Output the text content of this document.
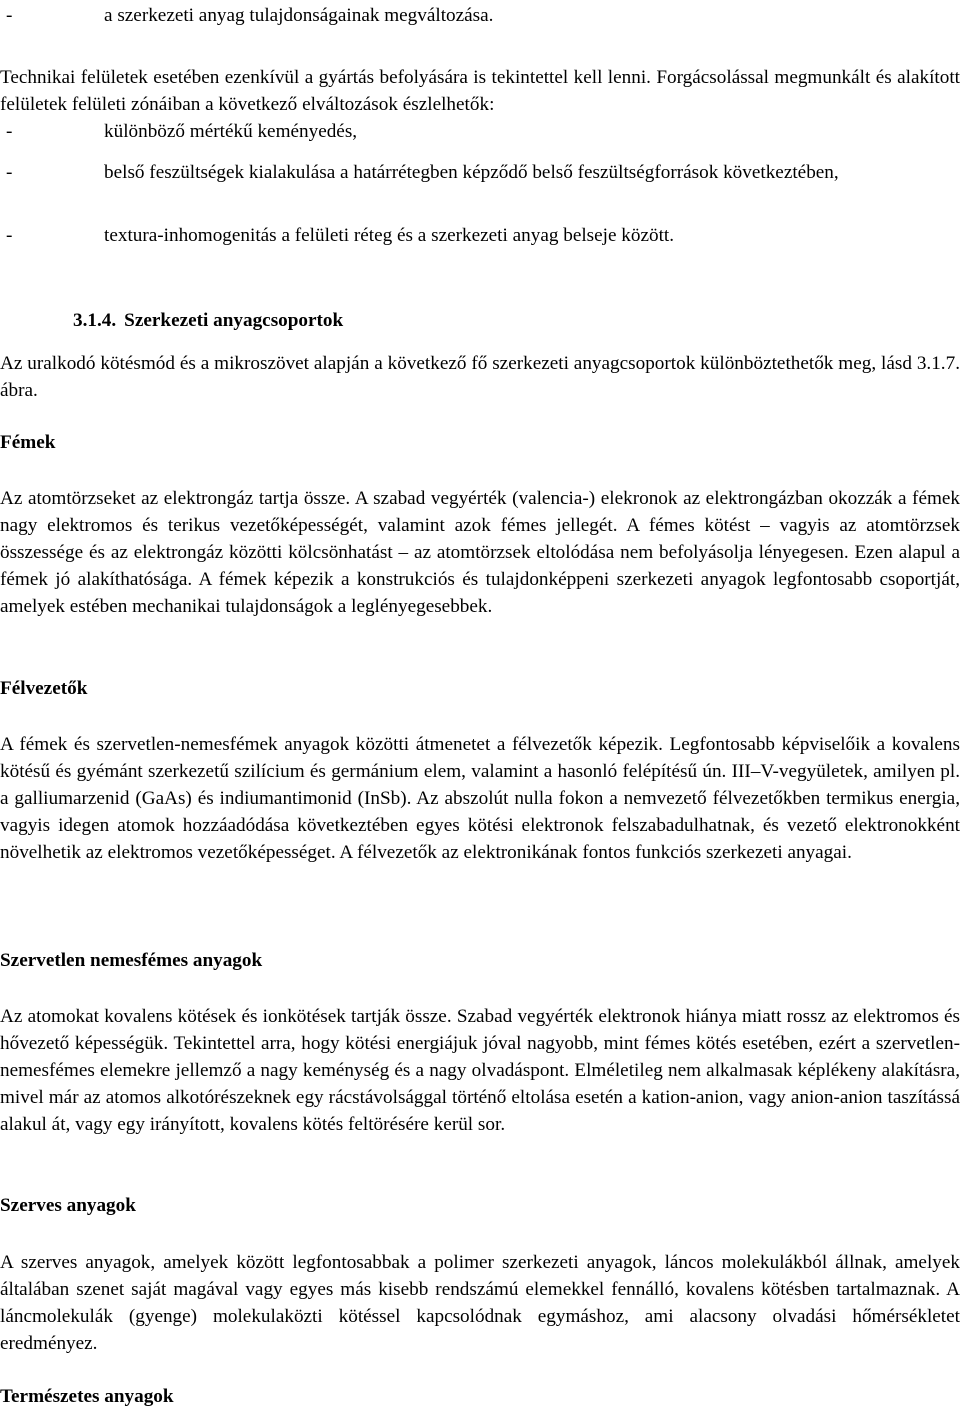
-	a szerkezeti anyag tulajdonságainak megváltozása.

Technikai felületek esetében ezenkívül a gyártás befolyására is tekintettel kell lenni. Forgácsolással megmunkált és alakított felületek felületi zónáiban a következő elváltozások észlelhetők:

-	különböző mértékű keményedés,
-	belső feszültségek kialakulása a határrétegben képződő belső feszültségforrások következtében,
-	textura-inhomogenitás a felületi réteg és a szerkezeti anyag belseje között.
3.1.4. Szerkezeti anyagcsoportok

Az uralkodó kötésmód és a mikroszövet alapján a következő fő szerkezeti anyagcsoportok különböztethetők meg, lásd 3.1.7. ábra.

Fémek

Az atomtörzseket az elektrongáz tartja össze. A szabad vegyérték (valencia-) elekronok az elektrongázban okozzák a fémek nagy elektromos és terikus vezetőképességét, valamint azok fémes jellegét. A fémes kötést – vagyis az atomtörzsek összessége és az elektrongáz közötti kölcsönhatást – az atomtörzsek eltolódása nem befolyásolja lényegesen. Ezen alapul a fémek jó alakíthatósága. A fémek képezik a konstrukciós és tulajdonképpeni szerkezeti anyagok legfontosabb csoportját, amelyek estében mechanikai tulajdonságok a leglényegesebbek.

Félvezetők

A fémek és szervetlen-nemesfémek anyagok közötti átmenetet a félvezetők képezik. Legfontosabb képviselőik a kovalens kötésű és gyémánt szerkezetű szilícium és germánium elem, valamint a hasonló felépítésű ún. III–V-vegyületek, amilyen pl. a galliumarzenid (GaAs) és indiumantimonid (InSb). Az abszolút nulla fokon a nemvezető félvezetőkben termikus energia, vagyis idegen atomok hozzáadódása következtében egyes kötési elektronok felszabadulhatnak, és vezető elektronokként növelhetik az elektromos vezetőképességet. A félvezetők az elektronikának fontos funkciós szerkezeti anyagai.

Szervetlen nemesfémes anyagok

Az atomokat kovalens kötések és ionkötések tartják össze. Szabad vegyérték elektronok hiánya miatt rossz az elektromos és hővezető képességük. Tekintettel arra, hogy kötési energiájuk jóval nagyobb, mint fémes kötés esetében, ezért a szervetlen-nemesfémes elemekre jellemző a nagy keménység és a nagy olvadáspont. Elméletileg nem alkalmasak képlékeny alakításra, mivel már az atomos alkotórészeknek egy rácstávolsággal történő eltolása esetén a kation-anion, vagy anion-anion taszítássá alakul át, vagy egy irányított, kovalens kötés feltörésére kerül sor.

Szerves anyagok

A szerves anyagok, amelyek között legfontosabbak a polimer szerkezeti anyagok, láncos molekulákból állnak, amelyek általában szenet saját magával vagy egyes más kisebb rendszámú elemekkel fennálló, kovalens kötésben tartalmaznak. A láncmolekulák (gyenge) molekulaközti kötéssel kapcsolódnak egymáshoz, ami alacsony olvadási hőmérsékletet eredményez.

Természetes anyagok
